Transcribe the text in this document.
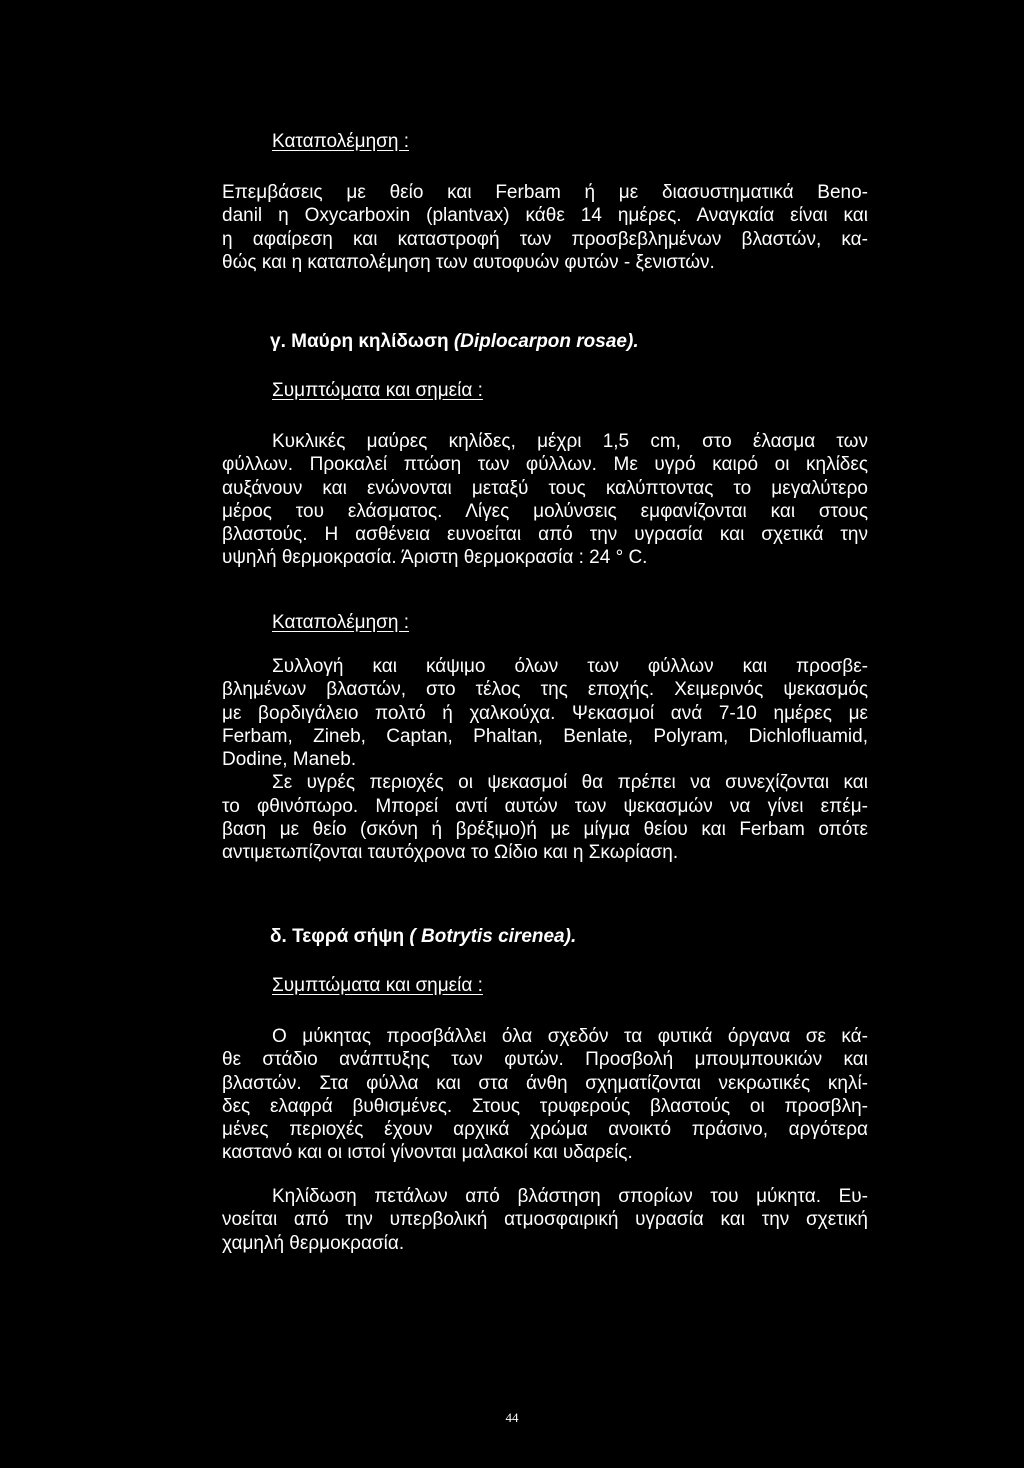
Καταπολέμηση :
Επεμβάσεις με θείο και Ferbam ή με διασυστηματικά Beno-
danil η Oxycarboxin (plantvax) κάθε 14 ημέρες. Αναγκαία είναι και
η αφαίρεση και καταστροφή των προσβεβλημένων βλαστών, κα-
θώς και η καταπολέμηση των αυτοφυών φυτών - ξενιστών.
γ. Μαύρη κηλίδωση (Diplocarpon rosae).
Συμπτώματα και σημεία :
Κυκλικές μαύρες κηλίδες, μέχρι 1,5 cm, στο έλασμα των
φύλλων. Προκαλεί πτώση των φύλλων. Με υγρό καιρό οι κηλίδες
αυξάνουν και ενώνονται μεταξύ τους καλύπτοντας το μεγαλύτερο
μέρος του ελάσματος. Λίγες μολύνσεις εμφανίζονται και στους
βλαστούς. Η ασθένεια ευνοείται από την υγρασία και σχετικά την
υψηλή θερμοκρασία. Άριστη θερμοκρασία : 24 ° C.
Καταπολέμηση :
Συλλογή και κάψιμο όλων των φύλλων και προσβε-
βλημένων βλαστών, στο τέλος της εποχής. Χειμερινός ψεκασμός
με βορδιγάλειο πολτό ή χαλκούχα. Ψεκασμοί ανά 7-10 ημέρες με
Ferbam, Zineb, Captan, Phaltan, Benlate, Polyram, Dichlofluamid,
Dodine, Maneb.
Σε υγρές περιοχές οι ψεκασμοί θα πρέπει να συνεχίζονται και
το φθινόπωρο. Μπορεί αντί αυτών των ψεκασμών να γίνει επέμ-
βαση με θείο (σκόνη ή βρέξιμο)ή με μίγμα θείου και Ferbam οπότε
αντιμετωπίζονται ταυτόχρονα το Ωίδιο και η Σκωρίαση.
δ. Τεφρά σήψη ( Botrytis cirenea).
Συμπτώματα και σημεία :
Ο μύκητας προσβάλλει όλα σχεδόν τα φυτικά όργανα σε κά-
θε στάδιο ανάπτυξης των φυτών. Προσβολή μπουμπουκιών και
βλαστών. Στα φύλλα και στα άνθη σχηματίζονται νεκρωτικές κηλί-
δες ελαφρά βυθισμένες. Στους τρυφερούς βλαστούς οι προσβλη-
μένες περιοχές έχουν αρχικά χρώμα ανοικτό πράσινο, αργότερα
καστανό και οι ιστοί γίνονται μαλακοί και υδαρείς.
Κηλίδωση πετάλων από βλάστηση σπορίων του μύκητα. Ευ-
νοείται από την υπερβολική ατμοσφαιρική υγρασία και την σχετική
χαμηλή θερμοκρασία.
44
